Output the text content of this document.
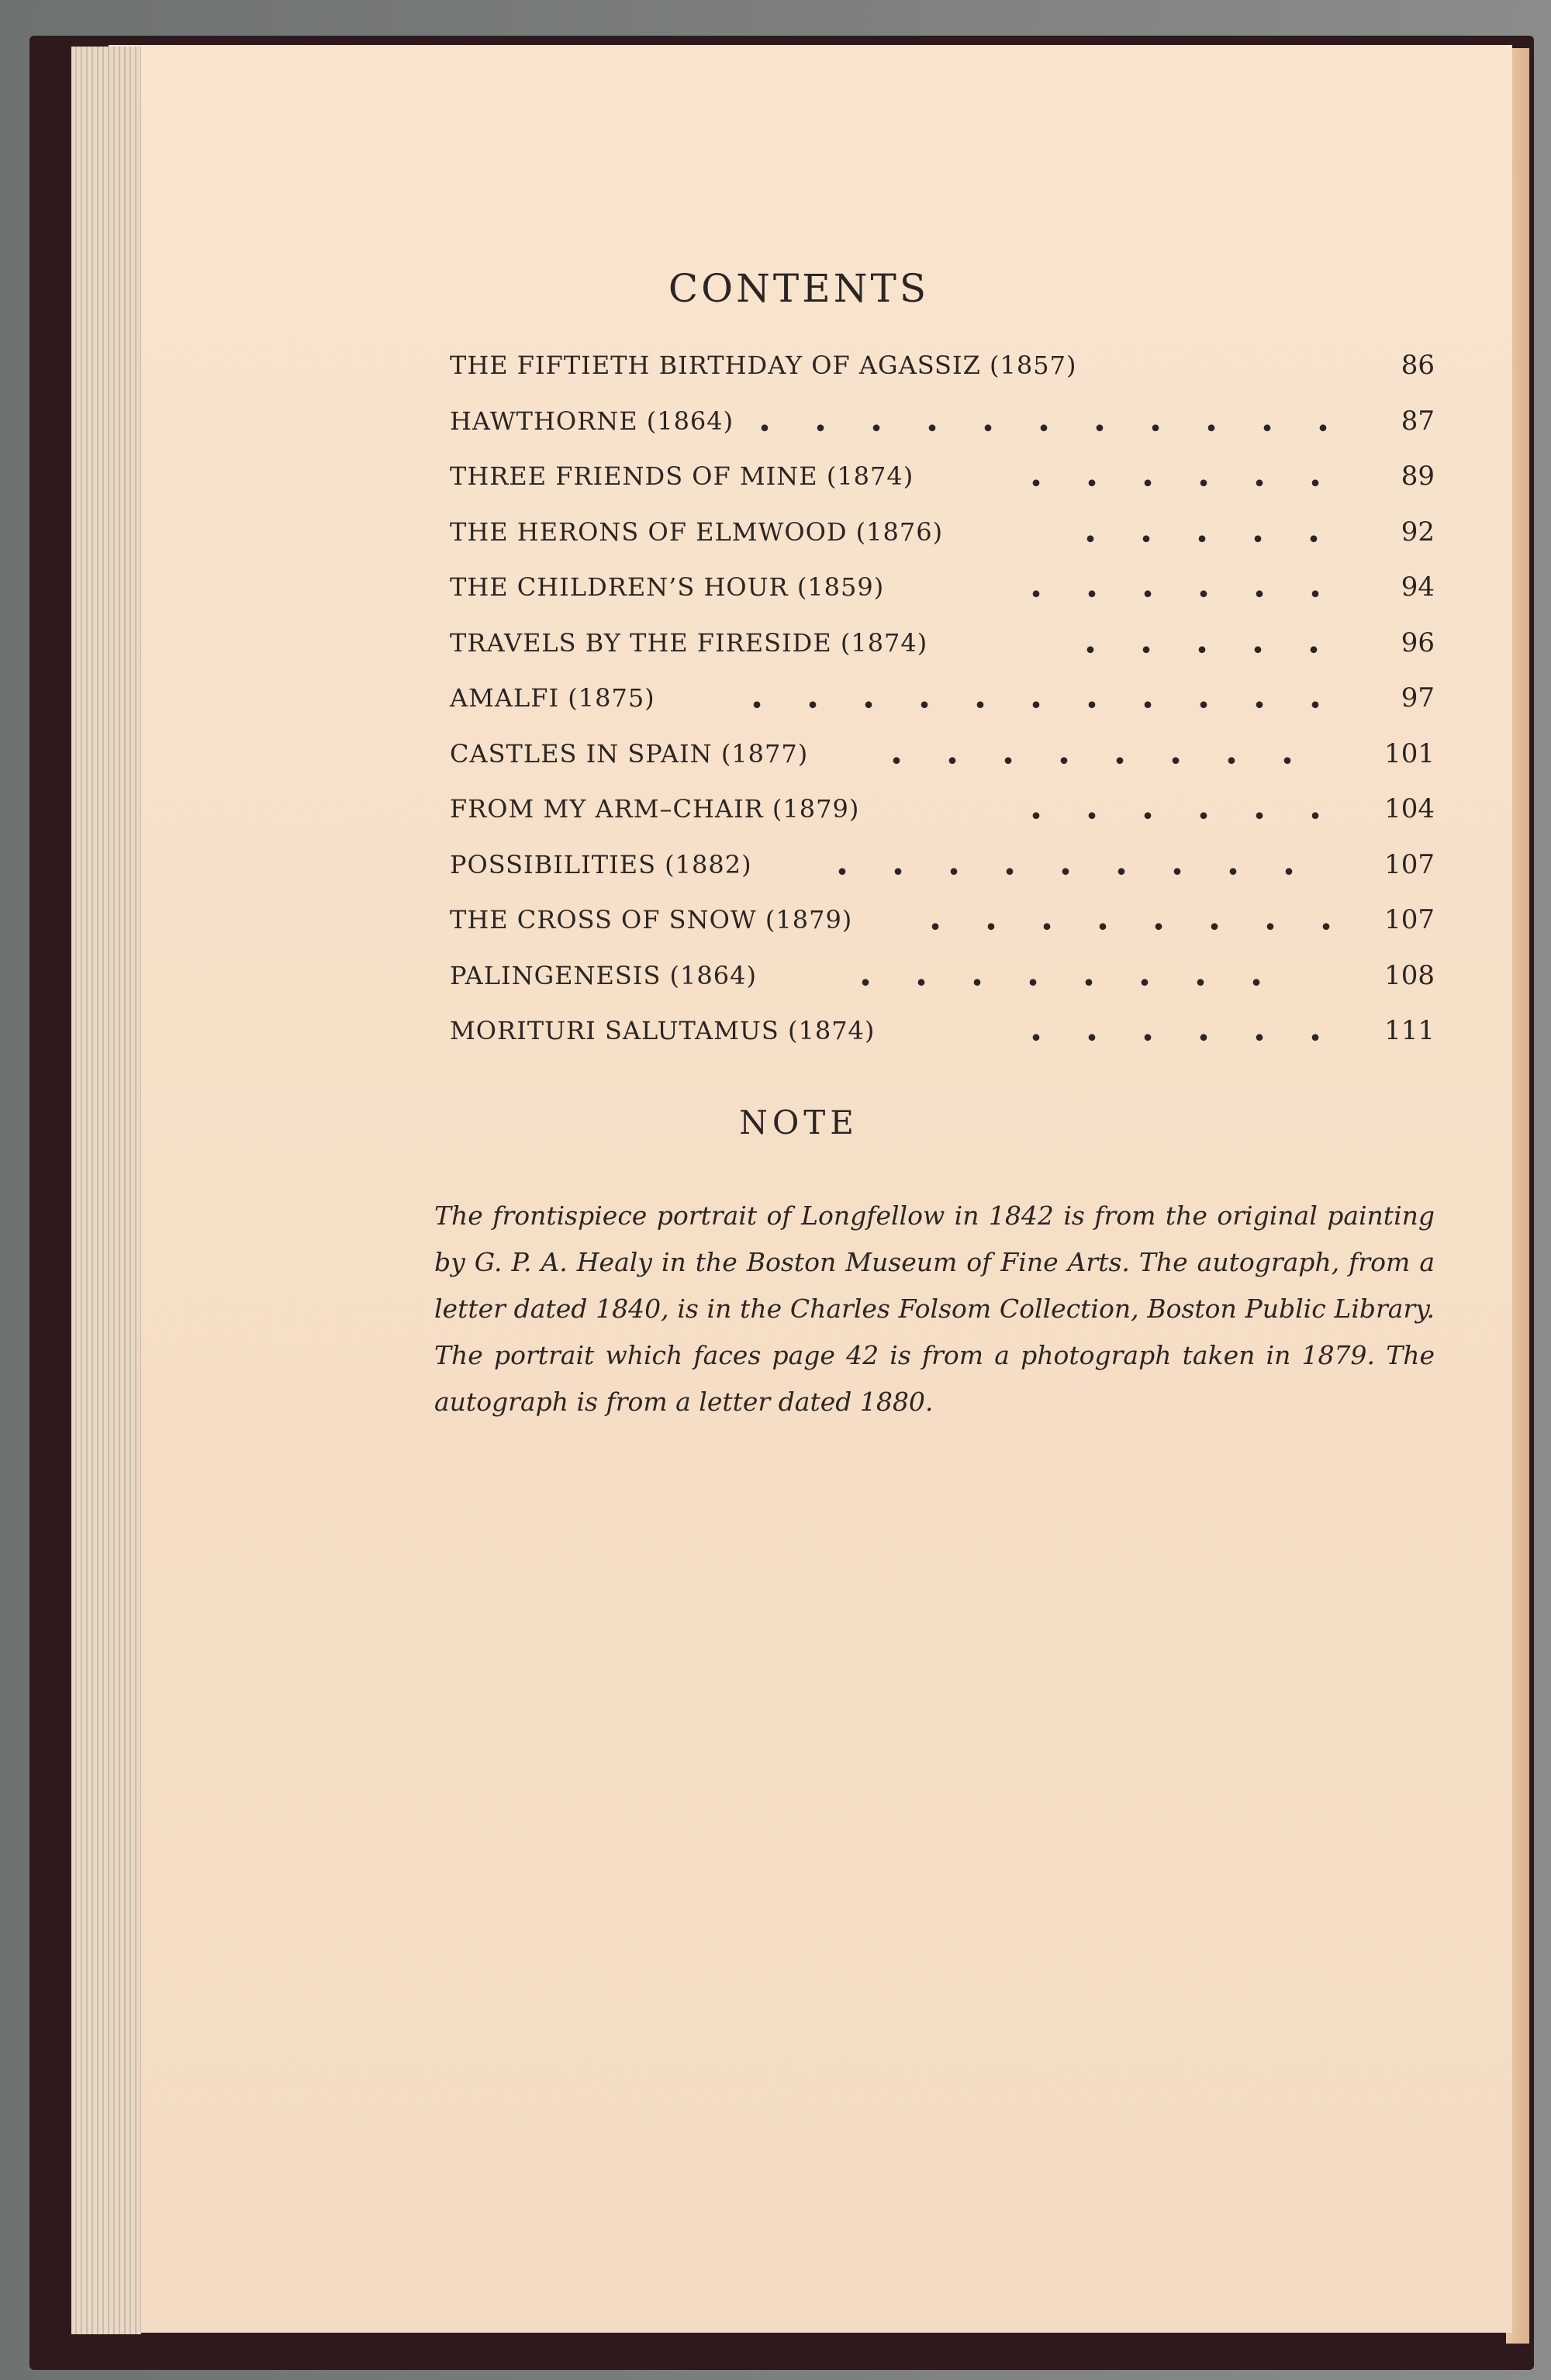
CONTENTS
THE FIFTIETH BIRTHDAY OF AGASSIZ (1857)	86
HAWTHORNE (1864)	87
THREE FRIENDS OF MINE (1874)	89
THE HERONS OF ELMWOOD (1876)	92
THE CHILDREN’S HOUR (1859)	94
TRAVELS BY THE FIRESIDE (1874)	96
AMALFI (1875)	97
CASTLES IN SPAIN (1877)	101
FROM MY ARM–CHAIR (1879)	104
POSSIBILITIES (1882)	107
THE CROSS OF SNOW (1879)	107
PALINGENESIS (1864)	108
MORITURI SALUTAMUS (1874)	111
NOTE
The frontispiece portrait of Longfellow in 1842 is from the original painting by G. P. A. Healy in the Boston Museum of Fine Arts. The autograph, from a letter dated 1840, is in the Charles Folsom Collection, Boston Public Library. The portrait which faces page 42 is from a photograph taken in 1879. The autograph is from a letter dated 1880.
